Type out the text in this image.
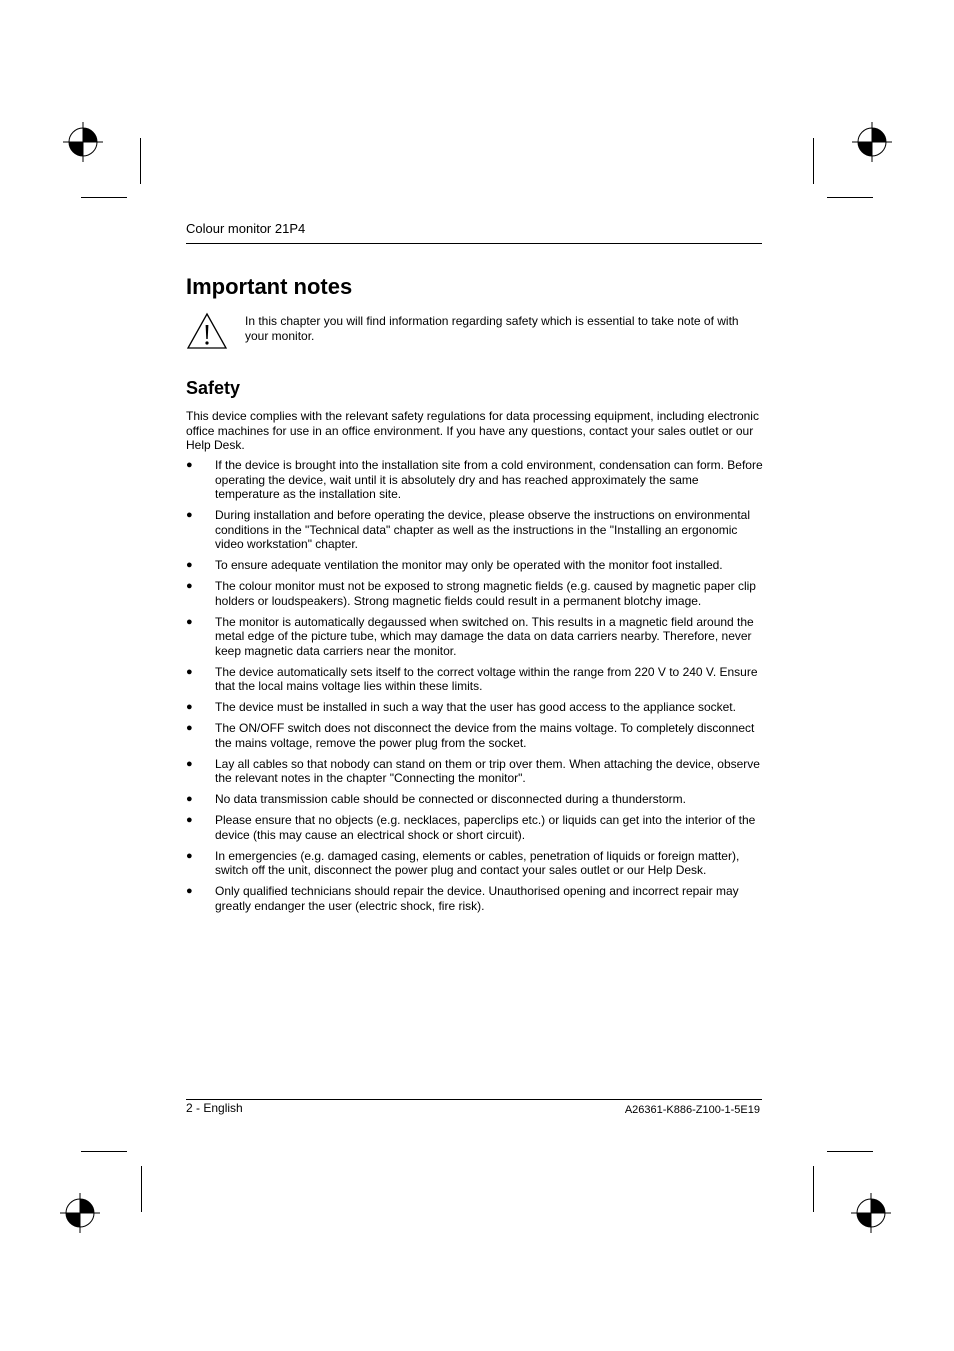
Colour monitor 21P4
Important notes
In this chapter you will find information regarding safety which is essential to take note of with your monitor.
Safety
This device complies with the relevant safety regulations for data processing equipment, including electronic office machines for use in an office environment. If you have any questions, contact your sales outlet or our Help Desk.
● If the device is brought into the installation site from a cold environment, condensation can form. Before operating the device, wait until it is absolutely dry and has reached approximately the same temperature as the installation site.
● During installation and before operating the device, please observe the instructions on environmental conditions in the "Technical data" chapter as well as the instructions in the "Installing an ergonomic video workstation" chapter.
● To ensure adequate ventilation the monitor may only be operated with the monitor foot installed.
● The colour monitor must not be exposed to strong magnetic fields (e.g. caused by magnetic paper clip holders or loudspeakers). Strong magnetic fields could result in a permanent blotchy image.
● The monitor is automatically degaussed when switched on. This results in a magnetic field around the metal edge of the picture tube, which may damage the data on data carriers nearby. Therefore, never keep magnetic data carriers near the monitor.
● The device automatically sets itself to the correct voltage within the range from 220 V to 240 V. Ensure that the local mains voltage lies within these limits.
● The device must be installed in such a way that the user has good access to the appliance socket.
● The ON/OFF switch does not disconnect the device from the mains voltage. To completely disconnect the mains voltage, remove the power plug from the socket.
● Lay all cables so that nobody can stand on them or trip over them. When attaching the device, observe the relevant notes in the chapter "Connecting the monitor".
● No data transmission cable should be connected or disconnected during a thunderstorm.
● Please ensure that no objects (e.g. necklaces, paperclips etc.) or liquids can get into the interior of the device (this may cause an electrical shock or short circuit).
● In emergencies (e.g. damaged casing, elements or cables, penetration of liquids or foreign matter), switch off the unit, disconnect the power plug and contact your sales outlet or our Help Desk.
● Only qualified technicians should repair the device. Unauthorised opening and incorrect repair may greatly endanger the user (electric shock, fire risk).
2 - English	A26361-K886-Z100-1-5E19
